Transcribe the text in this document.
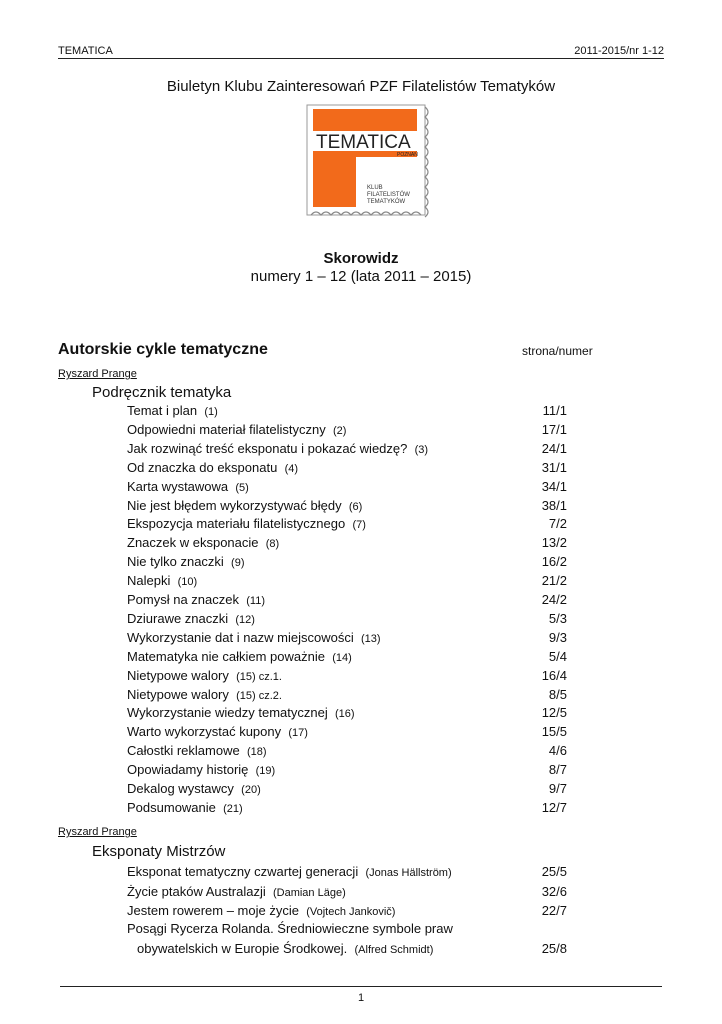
TEMATICA	2011-2015/nr 1-12
Biuletyn Klubu Zainteresowań PZF Filatelistów Tematyków
TEMATICA
POZNAŃ
KLUB
FILATELISTÓW
TEMATYKÓW
Skorowidz
numery 1 – 12 (lata 2011 – 2015)
Autorskie cykle tematyczne	strona/numer
Ryszard Prange
Podręcznik tematyka
Temat i plan (1)	11/1
Odpowiedni materiał filatelistyczny (2)	17/1
Jak rozwinąć treść eksponatu i pokazać wiedzę? (3)	24/1
Od znaczka do eksponatu (4)	31/1
Karta wystawowa (5)	34/1
Nie jest błędem wykorzystywać błędy (6)	38/1
Ekspozycja materiału filatelistycznego (7)	7/2
Znaczek w eksponacie (8)	13/2
Nie tylko znaczki (9)	16/2
Nalepki (10)	21/2
Pomysł na znaczek (11)	24/2
Dziurawe znaczki (12)	5/3
Wykorzystanie dat i nazw miejscowości (13)	9/3
Matematyka nie całkiem poważnie (14)	5/4
Nietypowe walory (15) cz.1.	16/4
Nietypowe walory (15) cz.2.	8/5
Wykorzystanie wiedzy tematycznej (16)	12/5
Warto wykorzystać kupony (17)	15/5
Całostki reklamowe (18)	4/6
Opowiadamy historię (19)	8/7
Dekalog wystawcy (20)	9/7
Podsumowanie (21)	12/7
Ryszard Prange
Eksponaty Mistrzów
Eksponat tematyczny czwartej generacji (Jonas Hällström)	25/5
Życie ptaków Australazji (Damian Läge)	32/6
Jestem rowerem – moje życie (Vojtech Jankovič)	22/7
Posągi Rycerza Rolanda. Średniowieczne symbole praw
obywatelskich w Europie Środkowej. (Alfred Schmidt)	25/8
1
